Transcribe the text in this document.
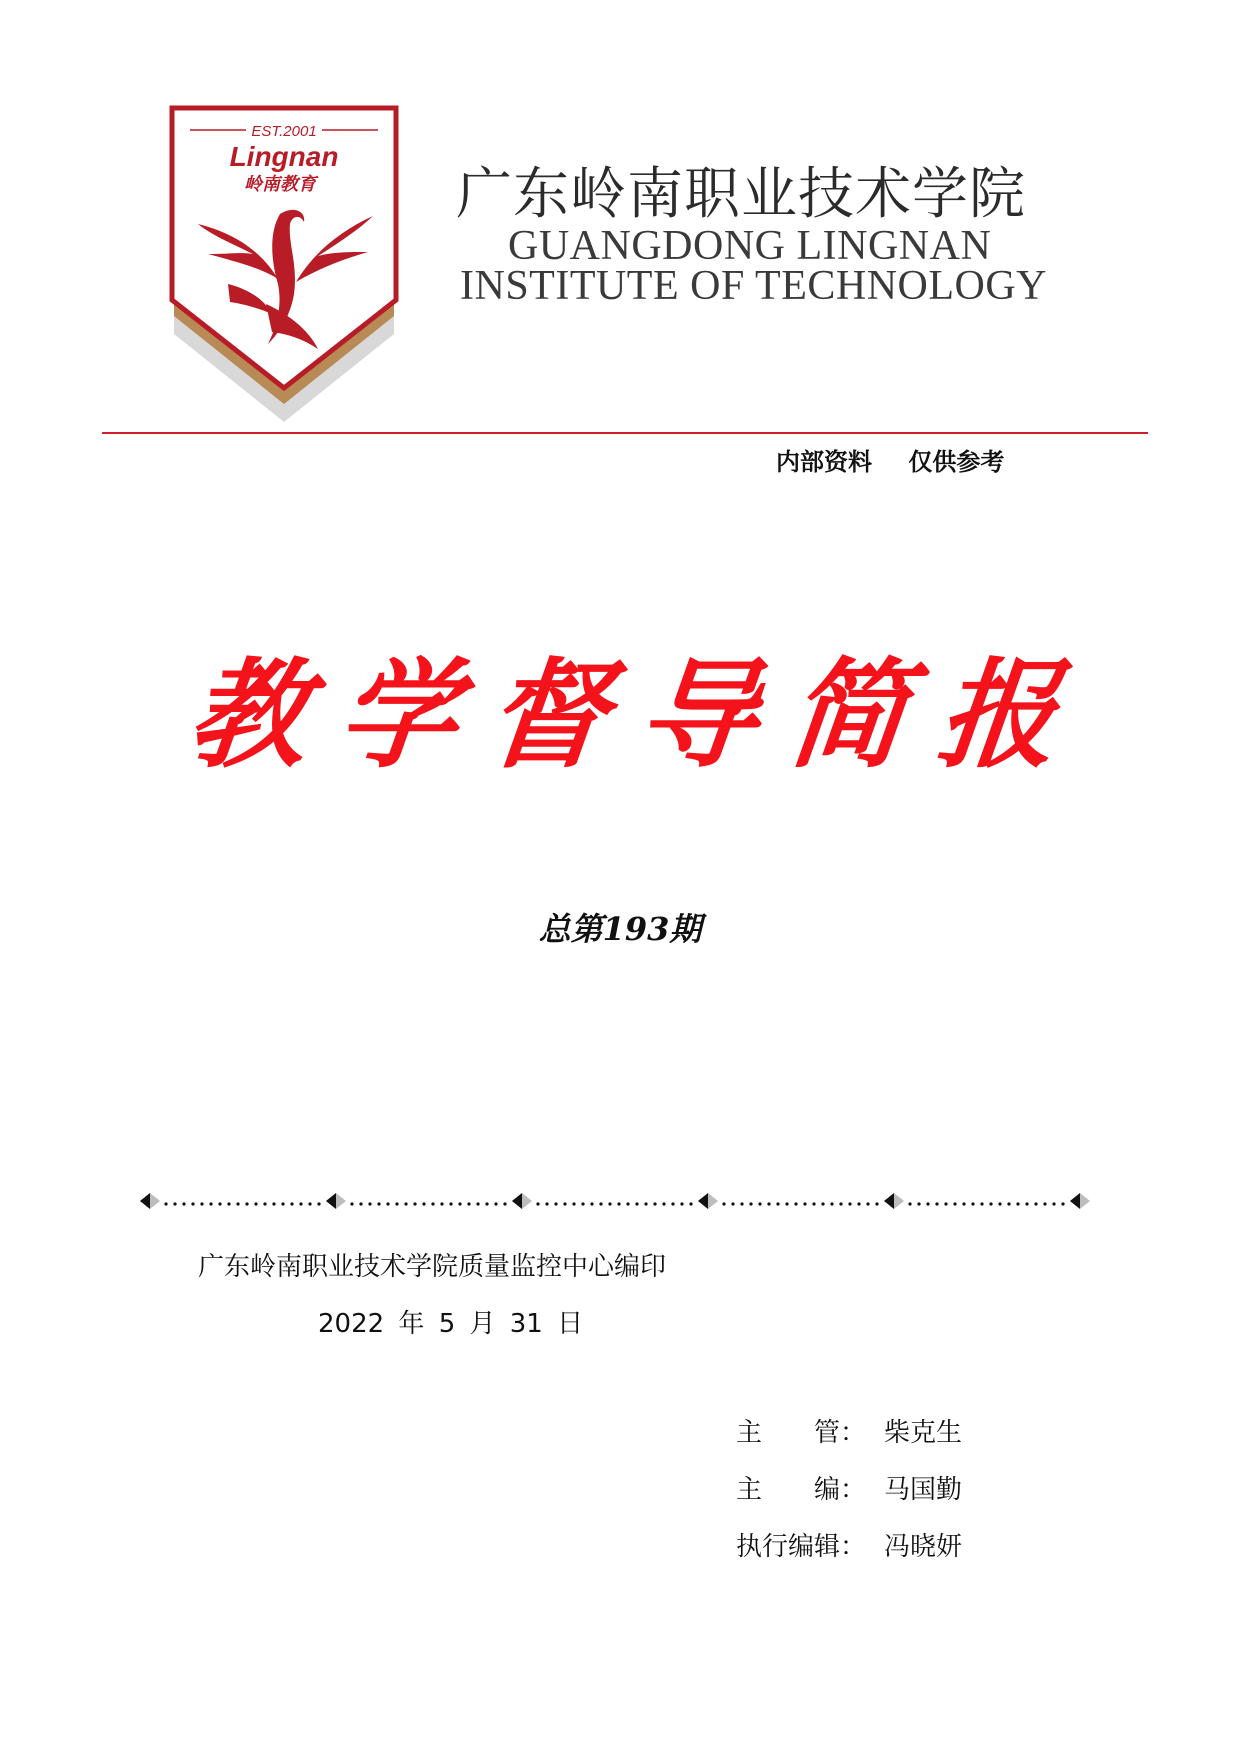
EST.2001
Lingnan
岭南教育	广东岭南职业技术学院
GUANGDONG LINGNAN
INSTITUTE OF TECHNOLOGY
内部资料 仅供参考
教学督导简报
总第193期
广东岭南职业技术学院质量监控中心编印
2022 年 5 月 31 日
主　　管： 柴克生
主　　编： 马国勤
执行编辑： 冯晓妍
